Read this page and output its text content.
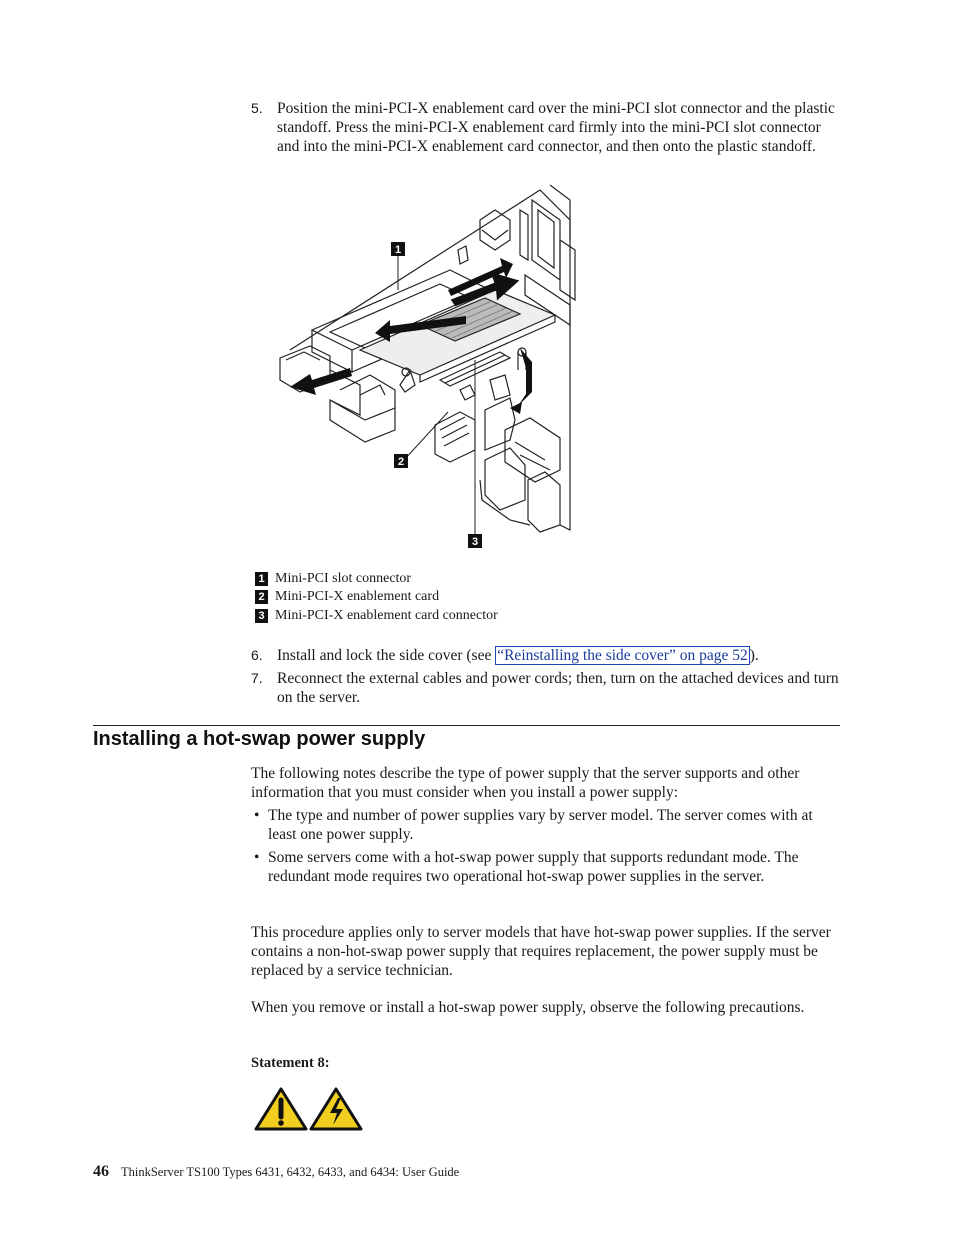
5. Position the mini-PCI-X enablement card over the mini-PCI slot connector and the plastic standoff. Press the mini-PCI-X enablement card firmly into the mini-PCI slot connector and into the mini-PCI-X enablement card connector, and then onto the plastic standoff.
1
2
3
1 Mini-PCI slot connector
2 Mini-PCI-X enablement card
3 Mini-PCI-X enablement card connector
6. Install and lock the side cover (see “Reinstalling the side cover” on page 52 ).
7. Reconnect the external cables and power cords; then, turn on the attached devices and turn on the server.
Installing a hot-swap power supply
The following notes describe the type of power supply that the server supports and other information that you must consider when you install a power supply:
• The type and number of power supplies vary by server model. The server comes with at least one power supply.
• Some servers come with a hot-swap power supply that supports redundant mode. The redundant mode requires two operational hot-swap power supplies in the server.
This procedure applies only to server models that have hot-swap power supplies. If the server contains a non-hot-swap power supply that requires replacement, the power supply must be replaced by a service technician.
When you remove or install a hot-swap power supply, observe the following precautions.
Statement 8:
46 ThinkServer TS100 Types 6431, 6432, 6433, and 6434: User Guide
